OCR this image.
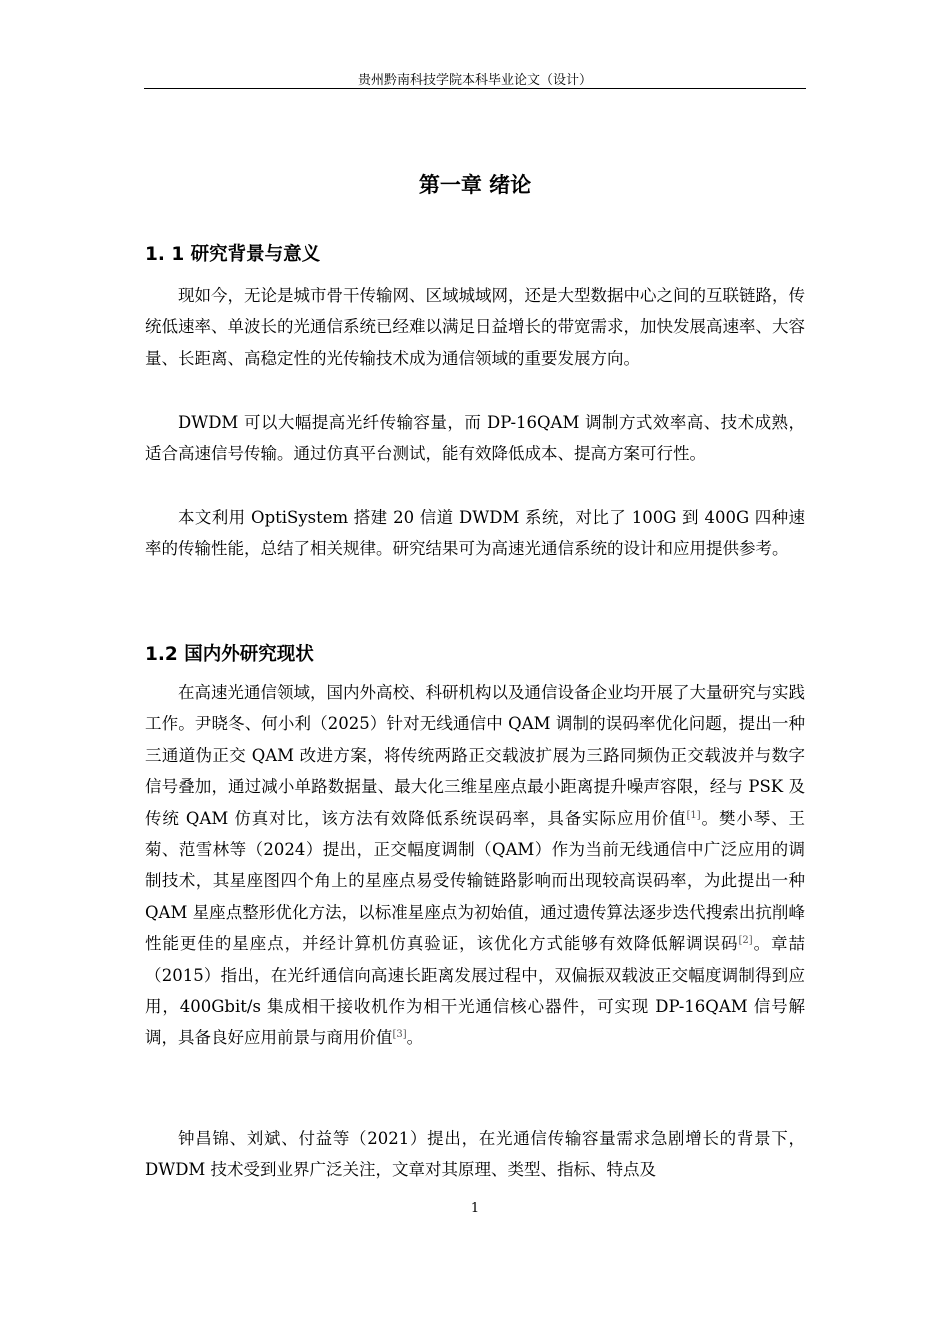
贵州黔南科技学院本科毕业论文（设计）
第一章 绪论
1. 1 研究背景与意义

现如今，无论是城市骨干传输网、区域城域网，还是大型数据中心之间的互联链路，传统低速率、单波长的光通信系统已经难以满足日益增长的带宽需求，加快发展高速率、大容量、长距离、高稳定性的光传输技术成为通信领域的重要发展方向。

DWDM 可以大幅提高光纤传输容量，而 DP-16QAM 调制方式效率高、技术成熟，适合高速信号传输。通过仿真平台测试，能有效降低成本、提高方案可行性。

本文利用 OptiSystem 搭建 20 信道 DWDM 系统，对比了 100G 到 400G 四种速率的传输性能，总结了相关规律。研究结果可为高速光通信系统的设计和应用提供参考。

1.2 国内外研究现状

在高速光通信领域，国内外高校、科研机构以及通信设备企业均开展了大量研究与实践工作。尹晓冬、何小利（2025）针对无线通信中 QAM 调制的误码率优化问题，提出一种三通道伪正交 QAM 改进方案，将传统两路正交载波扩展为三路同频伪正交载波并与数字信号叠加，通过减小单路数据量、最大化三维星座点最小距离提升噪声容限，经与 PSK 及传统 QAM 仿真对比，该方法有效降低系统误码率，具备实际应用价值[1]。樊小琴、王菊、范雪林等（2024）提出，正交幅度调制（QAM）作为当前无线通信中广泛应用的调制技术，其星座图四个角上的星座点易受传输链路影响而出现较高误码率，为此提出一种 QAM 星座点整形优化方法，以标准星座点为初始值，通过遗传算法逐步迭代搜索出抗削峰性能更佳的星座点，并经计算机仿真验证，该优化方式能够有效降低解调误码[2]。章喆（2015）指出，在光纤通信向高速长距离发展过程中，双偏振双载波正交幅度调制得到应用，400Gbit/s 集成相干接收机作为相干光通信核心器件，可实现 DP-16QAM 信号解调，具备良好应用前景与商用价值[3]。

钟昌锦、刘斌、付益等（2021）提出，在光通信传输容量需求急剧增长的背景下，DWDM 技术受到业界广泛关注，文章对其原理、类型、指标、特点及

1
